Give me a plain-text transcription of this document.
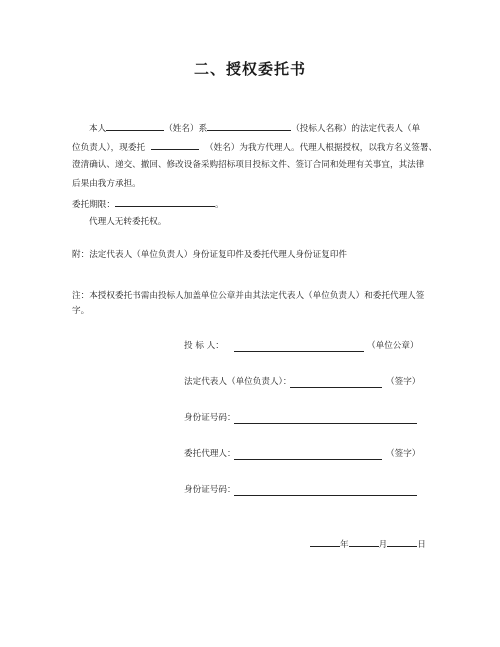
二、授权委托书
本人	（姓名）系	（投标人名称）的法定代表人（单
位负责人），现委托	（姓名）为我方代理人。代理人根据授权，以我方名义签署、
澄清确认、递交、撤回、修改设备采购招标项目投标文件、签订合同和处理有关事宜，其法律
后果由我方承担。
委托期限：	。
代理人无转委托权。
附：法定代表人（单位负责人）身份证复印件及委托代理人身份证复印件
注：本授权委托书需由投标人加盖单位公章并由其法定代表人（单位负责人）和委托代理人签
字。
投 标 人：	（单位公章）
法定代表人（单位负责人）：	（签字）
身份证号码：
委托代理人：	（签字）
身份证号码：
年	月	日
